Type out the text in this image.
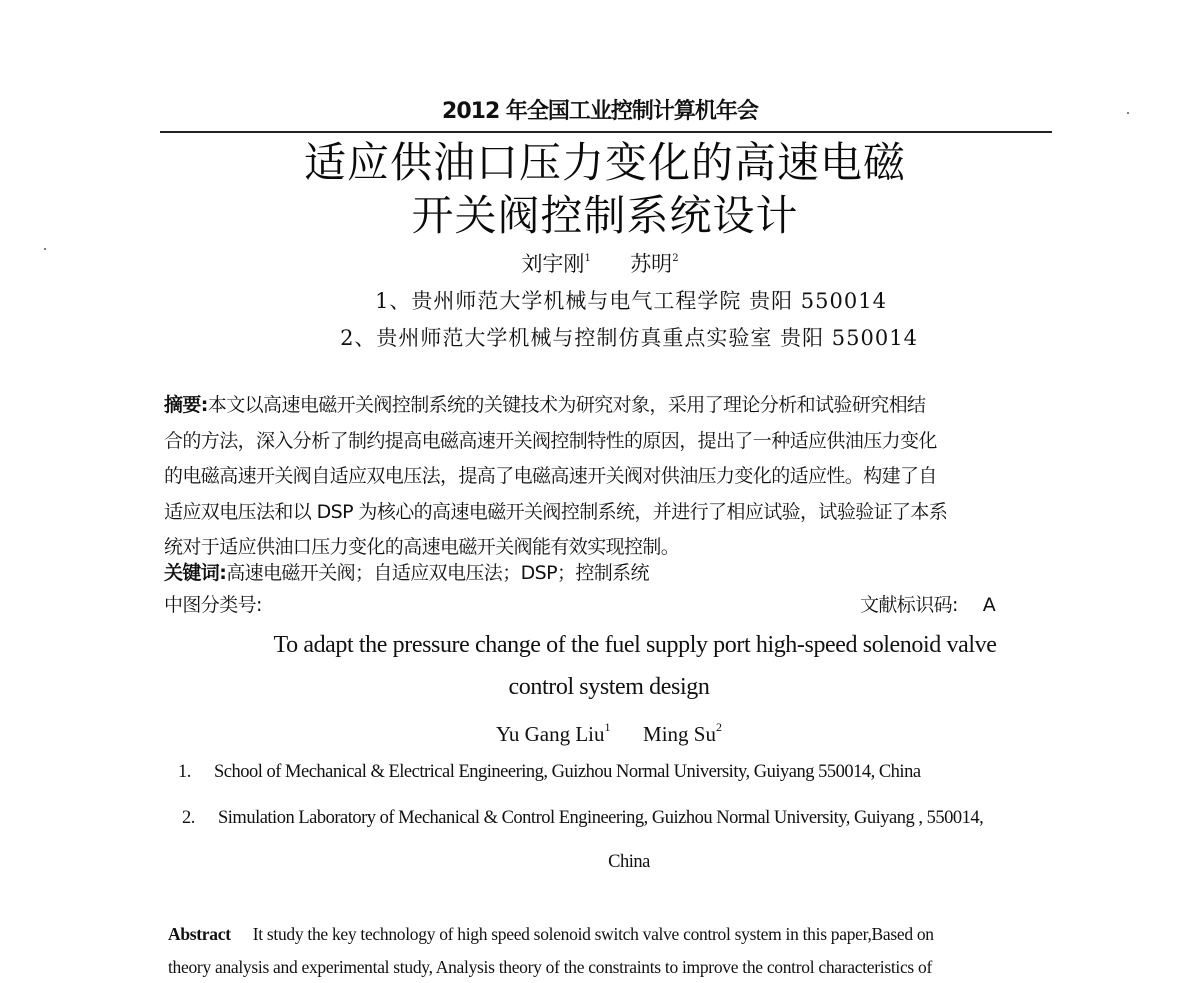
2012 年全国工业控制计算机年会
适应供油口压力变化的高速电磁
开关阀控制系统设计
刘宇刚$^1$ 苏明$^2$
1、贵州师范大学机械与电气工程学院 贵阳 550014
2、贵州师范大学机械与控制仿真重点实验室 贵阳 550014
摘要:本文以高速电磁开关阀控制系统的关键技术为研究对象，采用了理论分析和试验研究相结
合的方法，深入分析了制约提高电磁高速开关阀控制特性的原因，提出了一种适应供油压力变化
的电磁高速开关阀自适应双电压法，提高了电磁高速开关阀对供油压力变化的适应性。构建了自
适应双电压法和以 DSP 为核心的高速电磁开关阀控制系统，并进行了相应试验，试验验证了本系
统对于适应供油口压力变化的高速电磁开关阀能有效实现控制。
关键词:高速电磁开关阀；自适应双电压法；DSP；控制系统
中图分类号:	文献标识码: A
To adapt the pressure change of the fuel supply port high-speed solenoid valve
control system design
Yu Gang Liu$^1$ Ming Su$^2$
1. School of Mechanical & Electrical Engineering, Guizhou Normal University, Guiyang 550014, China
2. Simulation Laboratory of Mechanical & Control Engineering, Guizhou Normal University, Guiyang , 550014,
China
Abstract It study the key technology of high speed solenoid switch valve control system in this paper,Based on
theory analysis and experimental study, Analysis theory of the constraints to improve the control characteristics of
